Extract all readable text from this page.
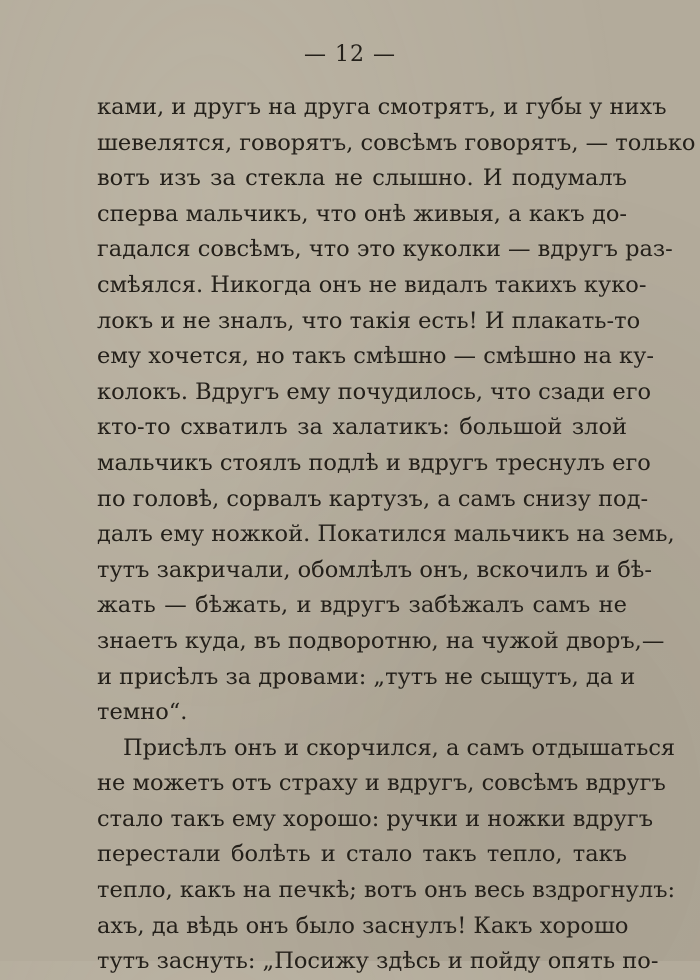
— 12 —

ками, и другъ на друга смотрятъ, и губы у нихъ
шевелятся, говорятъ, совсѣмъ говорятъ, — только
вотъ изъ за стекла не слышно. И подумалъ
сперва мальчикъ, что онѣ живыя, а какъ до-
гадался совсѣмъ, что это куколки — вдругъ раз-
смѣялся. Никогда онъ не видалъ такихъ куко-
локъ и не зналъ, что такія есть! И плакать-то
ему хочется, но такъ смѣшно — смѣшно на ку-
колокъ. Вдругъ ему почудилось, что сзади его
кто-то схватилъ за халатикъ: большой злой
мальчикъ стоялъ подлѣ и вдругъ треснулъ его
по головѣ, сорвалъ картузъ, а самъ снизу под-
далъ ему ножкой. Покатился мальчикъ на земь,
тутъ закричали, обомлѣлъ онъ, вскочилъ и бѣ-
жать — бѣжать, и вдругъ забѣжалъ самъ не
знаетъ куда, въ подворотню, на чужой дворъ,—
и присѣлъ за дровами: „тутъ не сыщутъ, да и
темно“.
Присѣлъ онъ и скорчился, а самъ отдышаться
не можетъ отъ страху и вдругъ, совсѣмъ вдругъ
стало такъ ему хорошо: ручки и ножки вдругъ
перестали болѣть и стало такъ тепло, такъ
тепло, какъ на печкѣ; вотъ онъ весь вздрогнулъ:
ахъ, да вѣдь онъ было заснулъ! Какъ хорошо
тутъ заснуть: „Посижу здѣсь и пойду опять по-
